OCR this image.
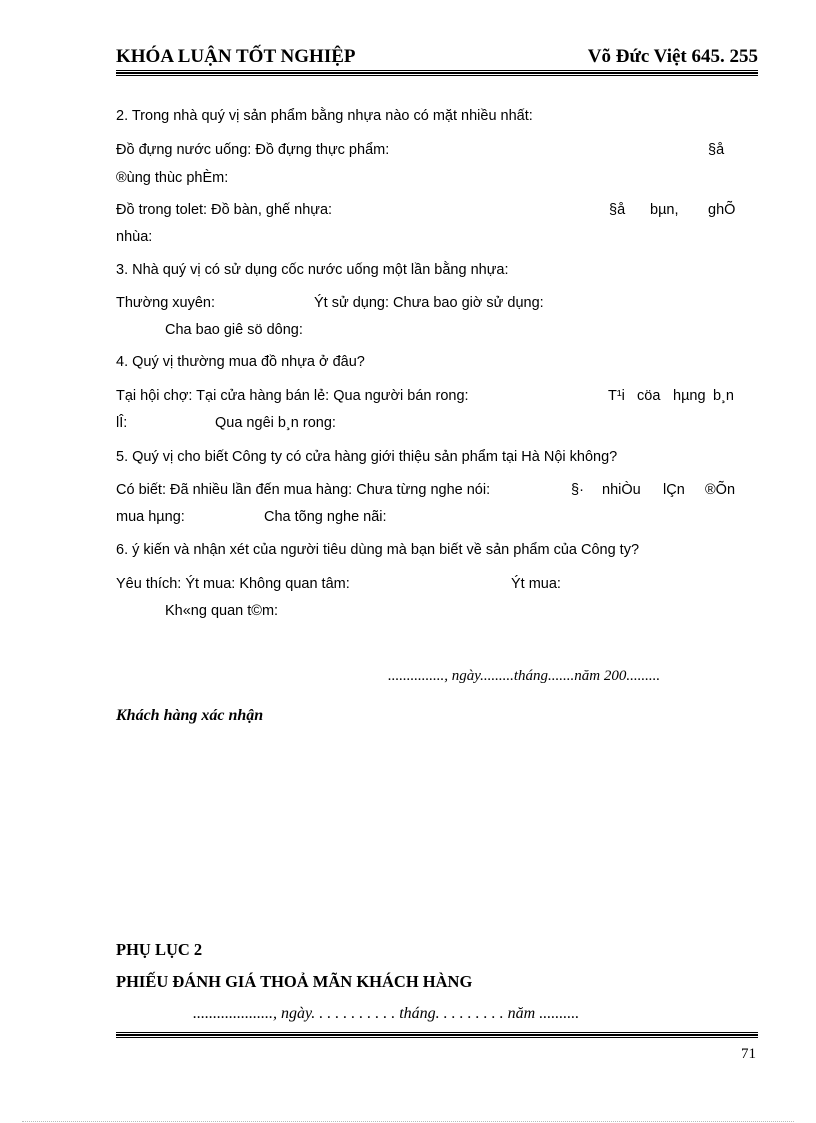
KHÓA LUẬN TỐT NGHIỆP	Võ Đức Việt 645. 255
2. Trong nhà quý vị sản phẩm bằng nhựa nào có mặt nhiều nhất:
Đồ đựng nước uống: Đồ đựng thực phẩm:	§å
®ùng thùc phÈm:
Đồ trong tolet: Đồ bàn, ghế nhựa:	§å bµn, ghÕ
nhùa:
3. Nhà quý vị có sử dụng cốc nước uống một lần bằng nhựa:
Thường xuyên:	Ýt sử dụng: Chưa bao giờ sử dụng:
Cha bao giê sö dông:
4. Quý vị thường mua đồ nhựa ở đâu?
Tại hội chợ: Tại cửa hàng bán lẻ: Qua người bán rong:	T¹i cöa hµng b¸n
lÎ:	Qua ngêi b¸n rong:
5. Quý vị cho biết Công ty có cửa hàng giới thiệu sản phẩm tại Hà Nội không?
Có biết: Đã nhiều lần đến mua hàng: Chưa từng nghe nói:	§· nhiÒu lÇn ®Õn
mua hµng:	Cha tõng nghe nãi:
6. ý kiến và nhận xét của người tiêu dùng mà bạn biết về sản phẩm của Công ty?
Yêu thích: Ýt mua: Không quan tâm:	Ýt mua:
Kh«ng quan t©m:
..............., ngày.........tháng.......năm 200.........
Khách hàng xác nhận
PHỤ LỤC 2
PHIẾU ĐÁNH GIÁ THOẢ MÃN KHÁCH HÀNG
...................., ngày. . . . . . . . . . . tháng. . . . . . . . . năm ..........
71
